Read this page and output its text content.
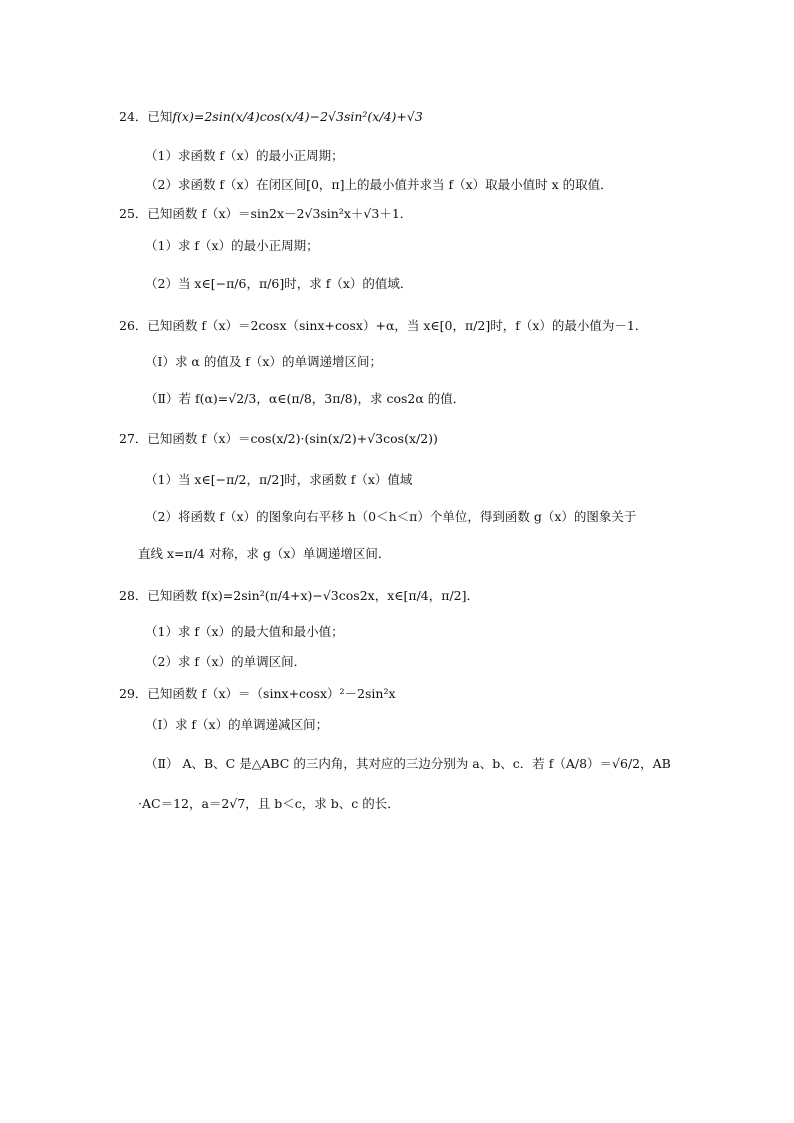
24．已知f(x)=2sin(x/4)cos(x/4)−2√3sin²(x/4)+√3
（1）求函数 f（x）的最小正周期；
（2）求函数 f（x）在闭区间[0，π]上的最小值并求当 f（x）取最小值时 x 的取值．
25．已知函数 f（x）＝sin2x－2√3sin²x＋√3＋1．
（1）求 f（x）的最小正周期；
（2）当 x∈[−π/6，π/6]时，求 f（x）的值域．
26．已知函数 f（x）＝2cosx（sinx+cosx）+α，当 x∈[0，π/2]时，f（x）的最小值为－1．
（Ⅰ）求 α 的值及 f（x）的单调递增区间；
（Ⅱ）若 f(α)=√2/3，α∈(π/8，3π/8)，求 cos2α 的值．
27．已知函数 f（x）＝cos(x/2)·(sin(x/2)+√3cos(x/2))
（1）当 x∈[−π/2，π/2]时，求函数 f（x）值域
（2）将函数 f（x）的图象向右平移 h（0＜h＜π）个单位，得到函数 g（x）的图象关于
直线 x=π/4 对称，求 g（x）单调递增区间．
28．已知函数 f(x)=2sin²(π/4+x)−√3cos2x，x∈[π/4，π/2]．
（1）求 f（x）的最大值和最小值；
（2）求 f（x）的单调区间．
29．已知函数 f（x）＝（sinx+cosx）²－2sin²x
（Ⅰ）求 f（x）的单调递减区间；
（Ⅱ） A、B、C 是△ABC 的三内角，其对应的三边分别为 a、b、c．若 f（A/8）＝√6/2，AB
·AC＝12，a＝2√7，且 b＜c，求 b、c 的长．
